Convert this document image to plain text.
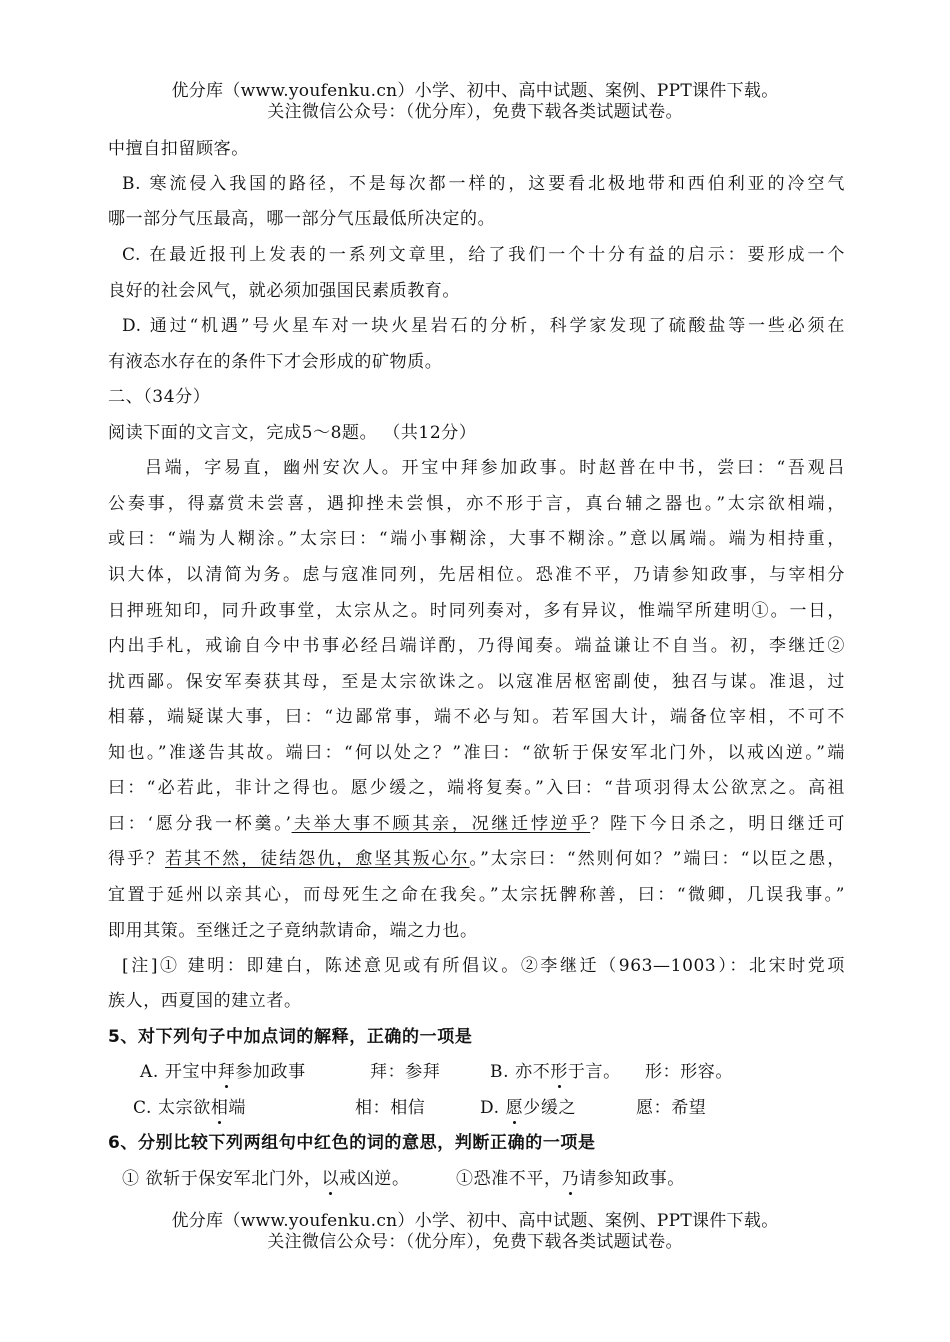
优分库（www.youfenku.cn）小学、初中、高中试题、案例、PPT课件下载。
关注微信公众号：（优分库），免费下载各类试题试卷。
中擅自扣留顾客。
B. 寒流侵入我国的路径，不是每次都一样的，这要看北极地带和西伯利亚的冷空气
哪一部分气压最高，哪一部分气压最低所决定的。
C. 在最近报刊上发表的一系列文章里，给了我们一个十分有益的启示：要形成一个
良好的社会风气，就必须加强国民素质教育。
D. 通过“机遇”号火星车对一块火星岩石的分析，科学家发现了硫酸盐等一些必须在
有液态水存在的条件下才会形成的矿物质。
二、（34分）
阅读下面的文言文，完成5～8题。 （共12分）
吕端，字易直，幽州安次人。开宝中拜参加政事。时赵普在中书，尝曰：“吾观吕
公奏事，得嘉赏未尝喜，遇抑挫未尝惧，亦不形于言，真台辅之器也。”太宗欲相端，
或曰：“端为人糊涂。”太宗曰：“端小事糊涂，大事不糊涂。”意以属端。端为相持重，
识大体，以清简为务。虑与寇准同列，先居相位。恐准不平，乃请参知政事，与宰相分
日押班知印，同升政事堂，太宗从之。时同列奏对，多有异议，惟端罕所建明①。一日，
内出手札，戒谕自今中书事必经吕端详酌，乃得闻奏。端益谦让不自当。初，李继迁②
扰西鄙。保安军奏获其母，至是太宗欲诛之。以寇准居枢密副使，独召与谋。准退，过
相幕，端疑谋大事，曰：“边鄙常事，端不必与知。若军国大计，端备位宰相，不可不
知也。”准遂告其故。端曰：“何以处之？”准曰：“欲斩于保安军北门外，以戒凶逆。”端
曰：“必若此，非计之得也。愿少缓之，端将复奏。”入曰：“昔项羽得太公欲烹之。高祖
曰：‘愿分我一杯羹。’夫举大事不顾其亲，况继迁悖逆乎？陛下今日杀之，明日继迁可
得乎？若其不然，徒结怨仇，愈坚其叛心尔。”太宗曰：“然则何如？”端曰：“以臣之愚，
宜置于延州以亲其心，而母死生之命在我矣。”太宗抚髀称善，曰：“微卿，几误我事。”
即用其策。至继迁之子竟纳款请命，端之力也。
[注]① 建明：即建白，陈述意见或有所倡议。②李继迁（963—1003）：北宋时党项
族人，西夏国的建立者。
5、对下列句子中加点词的解释，正确的一项是
A. 开宝中拜参加政事	拜：参拜	B. 亦不形于言。 形：形容。
C. 太宗欲相端	相：相信	D. 愿少缓之	愿：希望
6、分别比较下列两组句中红色的词的意思，判断正确的一项是
① 欲斩于保安军北门外，以戒凶逆。	①恐准不平，乃请参知政事。
优分库（www.youfenku.cn）小学、初中、高中试题、案例、PPT课件下载。
关注微信公众号：（优分库），免费下载各类试题试卷。
